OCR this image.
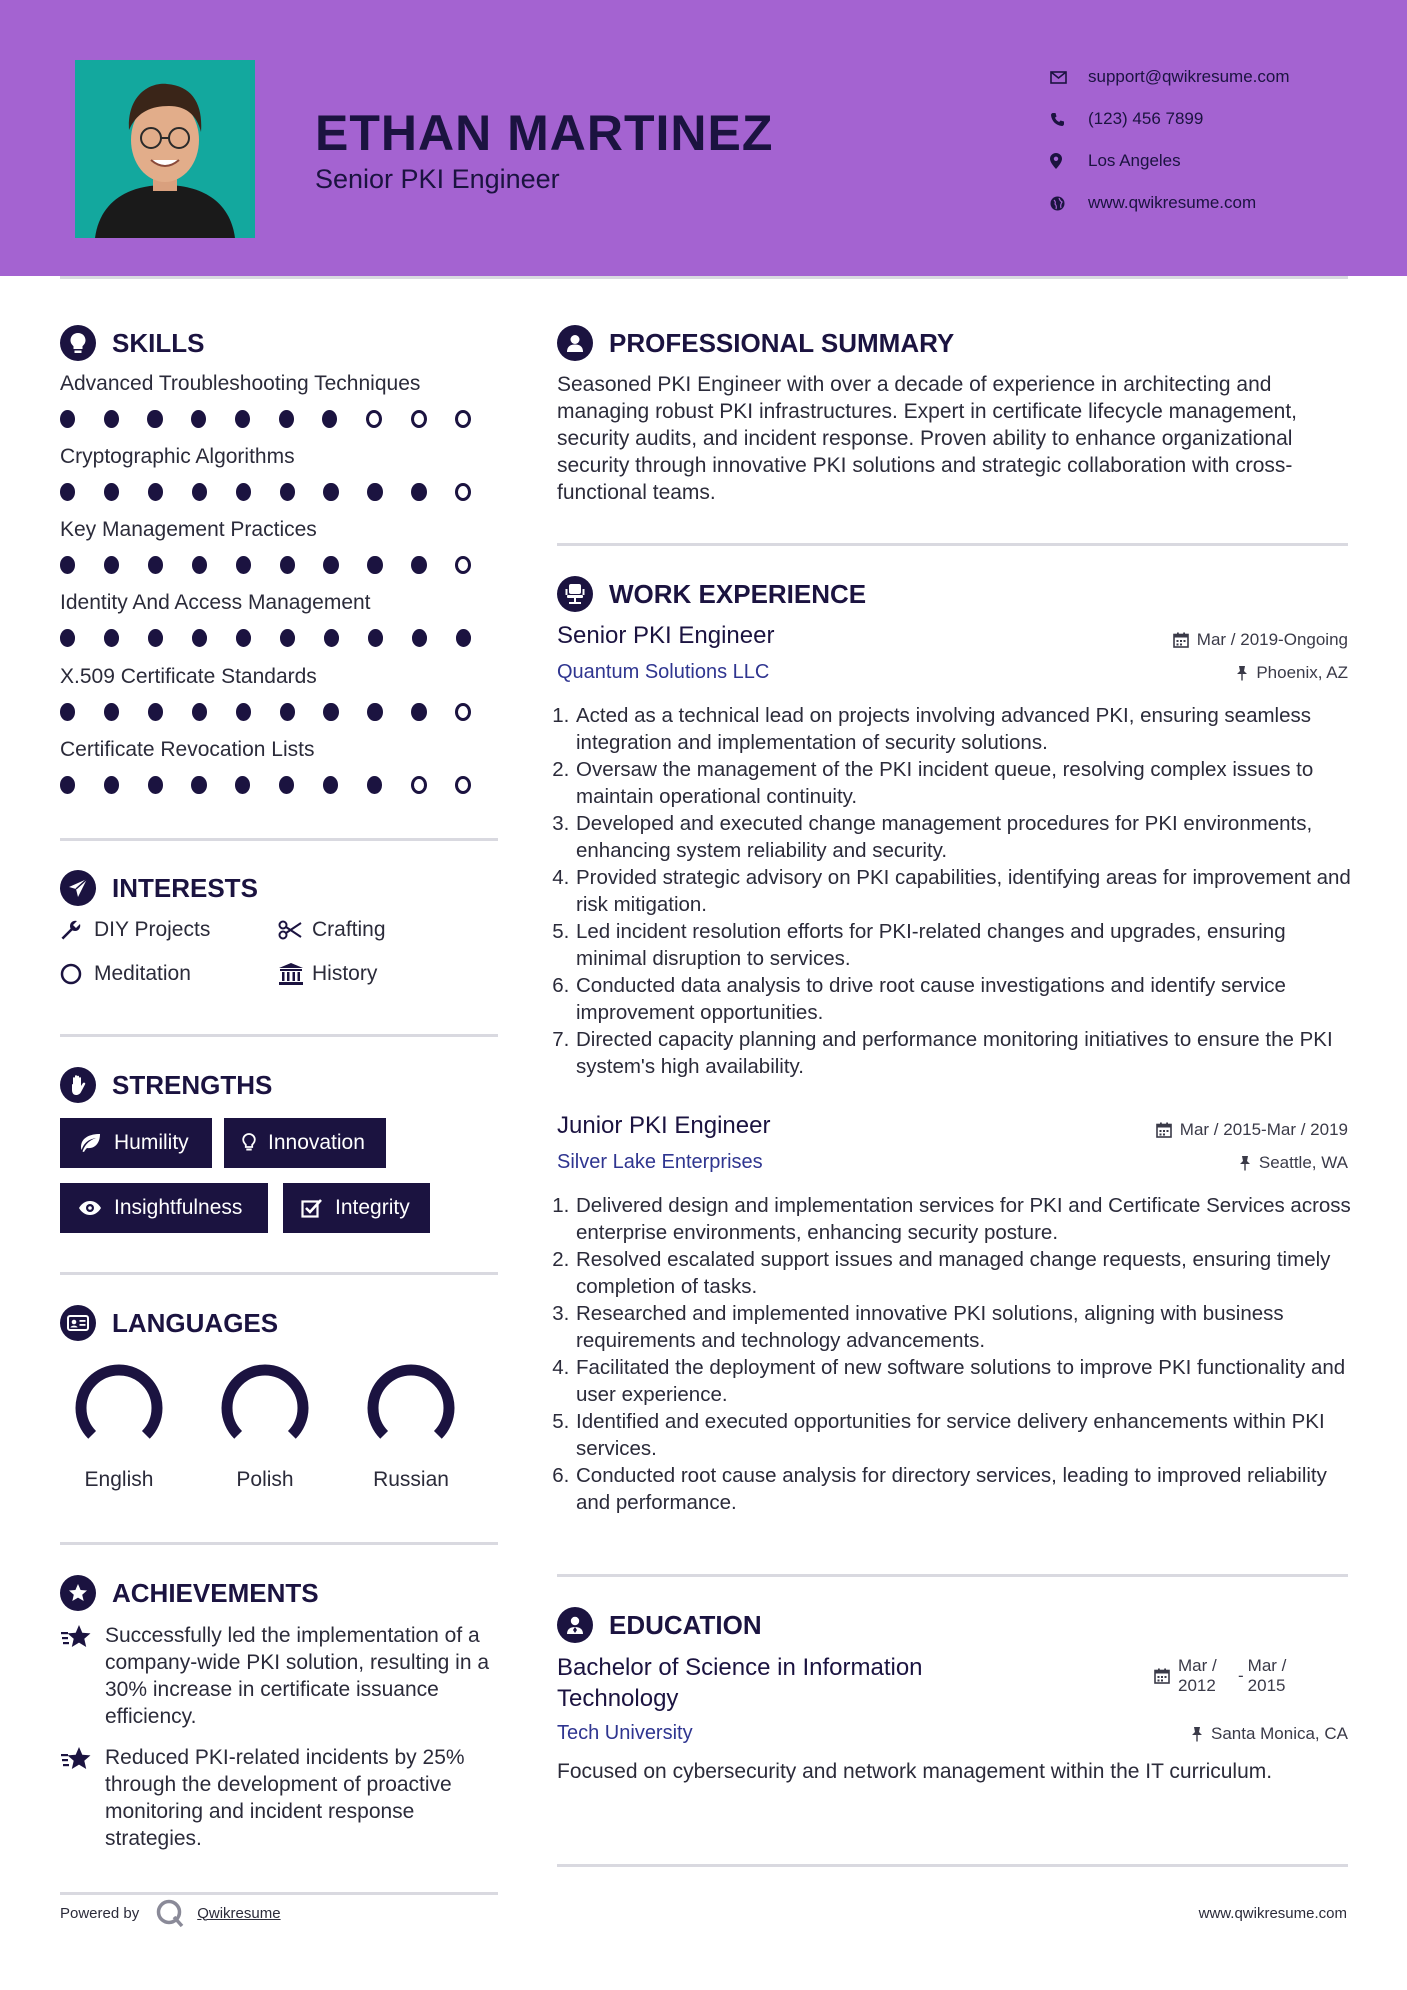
ETHAN MARTINEZ
Senior PKI Engineer
support@qwikresume.com
(123) 456 7899
Los Angeles
www.qwikresume.com
SKILLS
Advanced Troubleshooting Techniques
Cryptographic Algorithms
Key Management Practices
Identity And Access Management
X.509 Certificate Standards
Certificate Revocation Lists
INTERESTS
DIY Projects	Crafting
Meditation	History
STRENGTHS
Humility	Innovation
Insightfulness	Integrity
LANGUAGES
English	Polish	Russian
ACHIEVEMENTS
Successfully led the implementation of a company-wide PKI solution, resulting in a 30% increase in certificate issuance efficiency.
Reduced PKI-related incidents by 25% through the development of proactive monitoring and incident response strategies.
PROFESSIONAL SUMMARY
Seasoned PKI Engineer with over a decade of experience in architecting and managing robust PKI infrastructures. Expert in certificate lifecycle management, security audits, and incident response. Proven ability to enhance organizational security through innovative PKI solutions and strategic collaboration with cross-functional teams.
WORK EXPERIENCE
Senior PKI Engineer	Mar / 2019-Ongoing
Quantum Solutions LLC	Phoenix, AZ
1. Acted as a technical lead on projects involving advanced PKI, ensuring seamless integration and implementation of security solutions.
2. Oversaw the management of the PKI incident queue, resolving complex issues to maintain operational continuity.
3. Developed and executed change management procedures for PKI environments, enhancing system reliability and security.
4. Provided strategic advisory on PKI capabilities, identifying areas for improvement and risk mitigation.
5. Led incident resolution efforts for PKI-related changes and upgrades, ensuring minimal disruption to services.
6. Conducted data analysis to drive root cause investigations and identify service improvement opportunities.
7. Directed capacity planning and performance monitoring initiatives to ensure the PKI system's high availability.
Junior PKI Engineer	Mar / 2015-Mar / 2019
Silver Lake Enterprises	Seattle, WA
1. Delivered design and implementation services for PKI and Certificate Services across enterprise environments, enhancing security posture.
2. Resolved escalated support issues and managed change requests, ensuring timely completion of tasks.
3. Researched and implemented innovative PKI solutions, aligning with business requirements and technology advancements.
4. Facilitated the deployment of new software solutions to improve PKI functionality and user experience.
5. Identified and executed opportunities for service delivery enhancements within PKI services.
6. Conducted root cause analysis for directory services, leading to improved reliability and performance.
EDUCATION
Bachelor of Science in Information Technology
Mar / 2012
-
Mar / 2015
Tech University	Santa Monica, CA
Focused on cybersecurity and network management within the IT curriculum.
Powered by	Qwikresume	www.qwikresume.com
